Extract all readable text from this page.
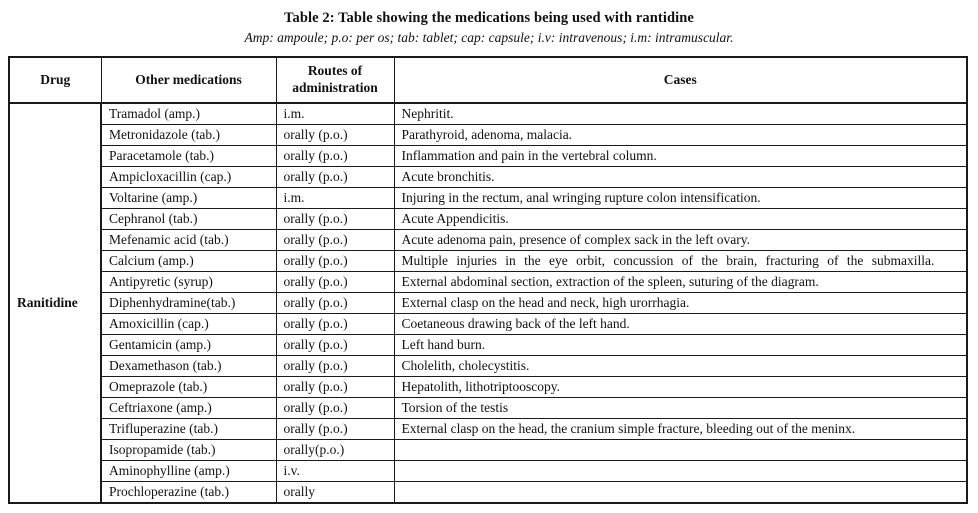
Table 2: Table showing the medications being used with rantidine
Amp: ampoule; p.o: per os; tab: tablet; cap: capsule; i.v: intravenous; i.m: intramuscular.
Drug	Other medications	Routes of administration	Cases
Ranitidine	Tramadol (amp.)	i.m.	Nephritit.
	Metronidazole (tab.)	orally (p.o.)	Parathyroid, adenoma, malacia.
	Paracetamole (tab.)	orally (p.o.)	Inflammation and pain in the vertebral column.
	Ampicloxacillin (cap.)	orally (p.o.)	Acute bronchitis.
	Voltarine (amp.)	i.m.	Injuring in the rectum, anal wringing rupture colon intensification.
	Cephranol (tab.)	orally (p.o.)	Acute Appendicitis.
	Mefenamic acid (tab.)	orally (p.o.)	Acute adenoma pain, presence of complex sack in the left ovary.
	Calcium (amp.)	orally (p.o.)	Multiple injuries in the eye orbit, concussion of the brain, fracturing of the submaxilla.
	Antipyretic (syrup)	orally (p.o.)	External abdominal section, extraction of the spleen, suturing of the diagram.
	Diphenhydramine(tab.)	orally (p.o.)	External clasp on the head and neck, high urorrhagia.
	Amoxicillin (cap.)	orally (p.o.)	Coetaneous drawing back of the left hand.
	Gentamicin (amp.)	orally (p.o.)	Left hand burn.
	Dexamethason (tab.)	orally (p.o.)	Cholelith, cholecystitis.
	Omeprazole (tab.)	orally (p.o.)	Hepatolith, lithotriptooscopy.
	Ceftriaxone (amp.)	orally (p.o.)	Torsion of the testis
	Trifluperazine (tab.)	orally (p.o.)	External clasp on the head, the cranium simple fracture, bleeding out of the meninx.
	Isopropamide (tab.)	orally(p.o.)	
	Aminophylline (amp.)	i.v.	
	Prochloperazine (tab.)	orally	
